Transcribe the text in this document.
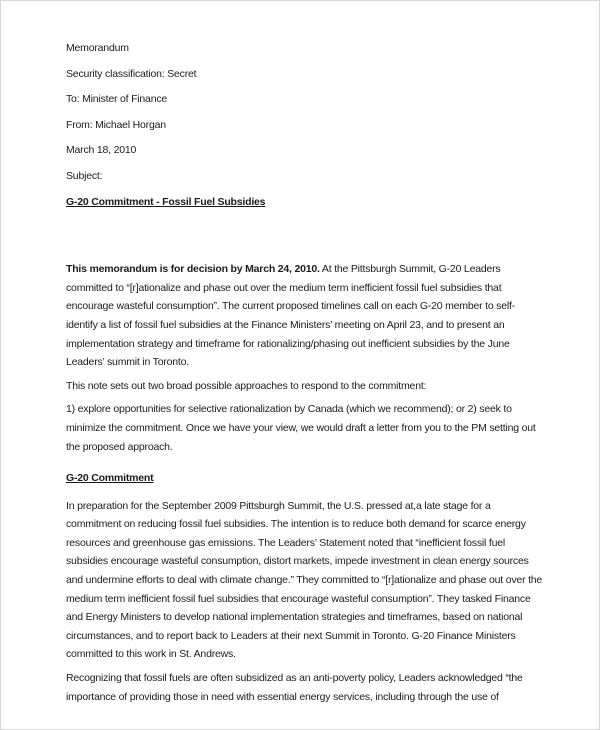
Memorandum

Security classification: Secret

To: Minister of Finance

From: Michael Horgan

March 18, 2010

Subject:

G-20 Commitment - Fossil Fuel Subsidies

This memorandum is for decision by March 24, 2010. At the Pittsburgh Summit, G-20 Leaders committed to “[r]ationalize and phase out over the medium term inefficient fossil fuel subsidies that encourage wasteful consumption”. The current proposed timelines call on each G-20 member to self-identify a list of fossil fuel subsidies at the Finance Ministers’ meeting on April 23, and to present an implementation strategy and timeframe for rationalizing/phasing out inefficient subsidies by the June Leaders’ summit in Toronto.

This note sets out two broad possible approaches to respond to the commitment:

1) explore opportunities for selective rationalization by Canada (which we recommend); or 2) seek to minimize the commitment. Once we have your view, we would draft a letter from you to the PM setting out the proposed approach.

G-20 Commitment

In preparation for the September 2009 Pittsburgh Summit, the U.S. pressed at,a late stage for a commitment on reducing fossil fuel subsidies. The intention is to reduce both demand for scarce energy resources and greenhouse gas emissions. The Leaders’ Statement noted that “inefficient fossil fuel subsidies encourage wasteful consumption, distort markets, impede investment in clean energy sources and undermine efforts to deal with climate change.” They committed to “[r]ationalize and phase out over the medium term inefficient fossil fuel subsidies that encourage wasteful consumption”. They tasked Finance and Energy Ministers to develop national implementation strategies and timeframes, based on national circumstances, and to report back to Leaders at their next Summit in Toronto. G-20 Finance Ministers committed to this work in St. Andrews.

Recognizing that fossil fuels are often subsidized as an anti-poverty policy, Leaders acknowledged “the importance of providing those in need with essential energy services, including through the use of
